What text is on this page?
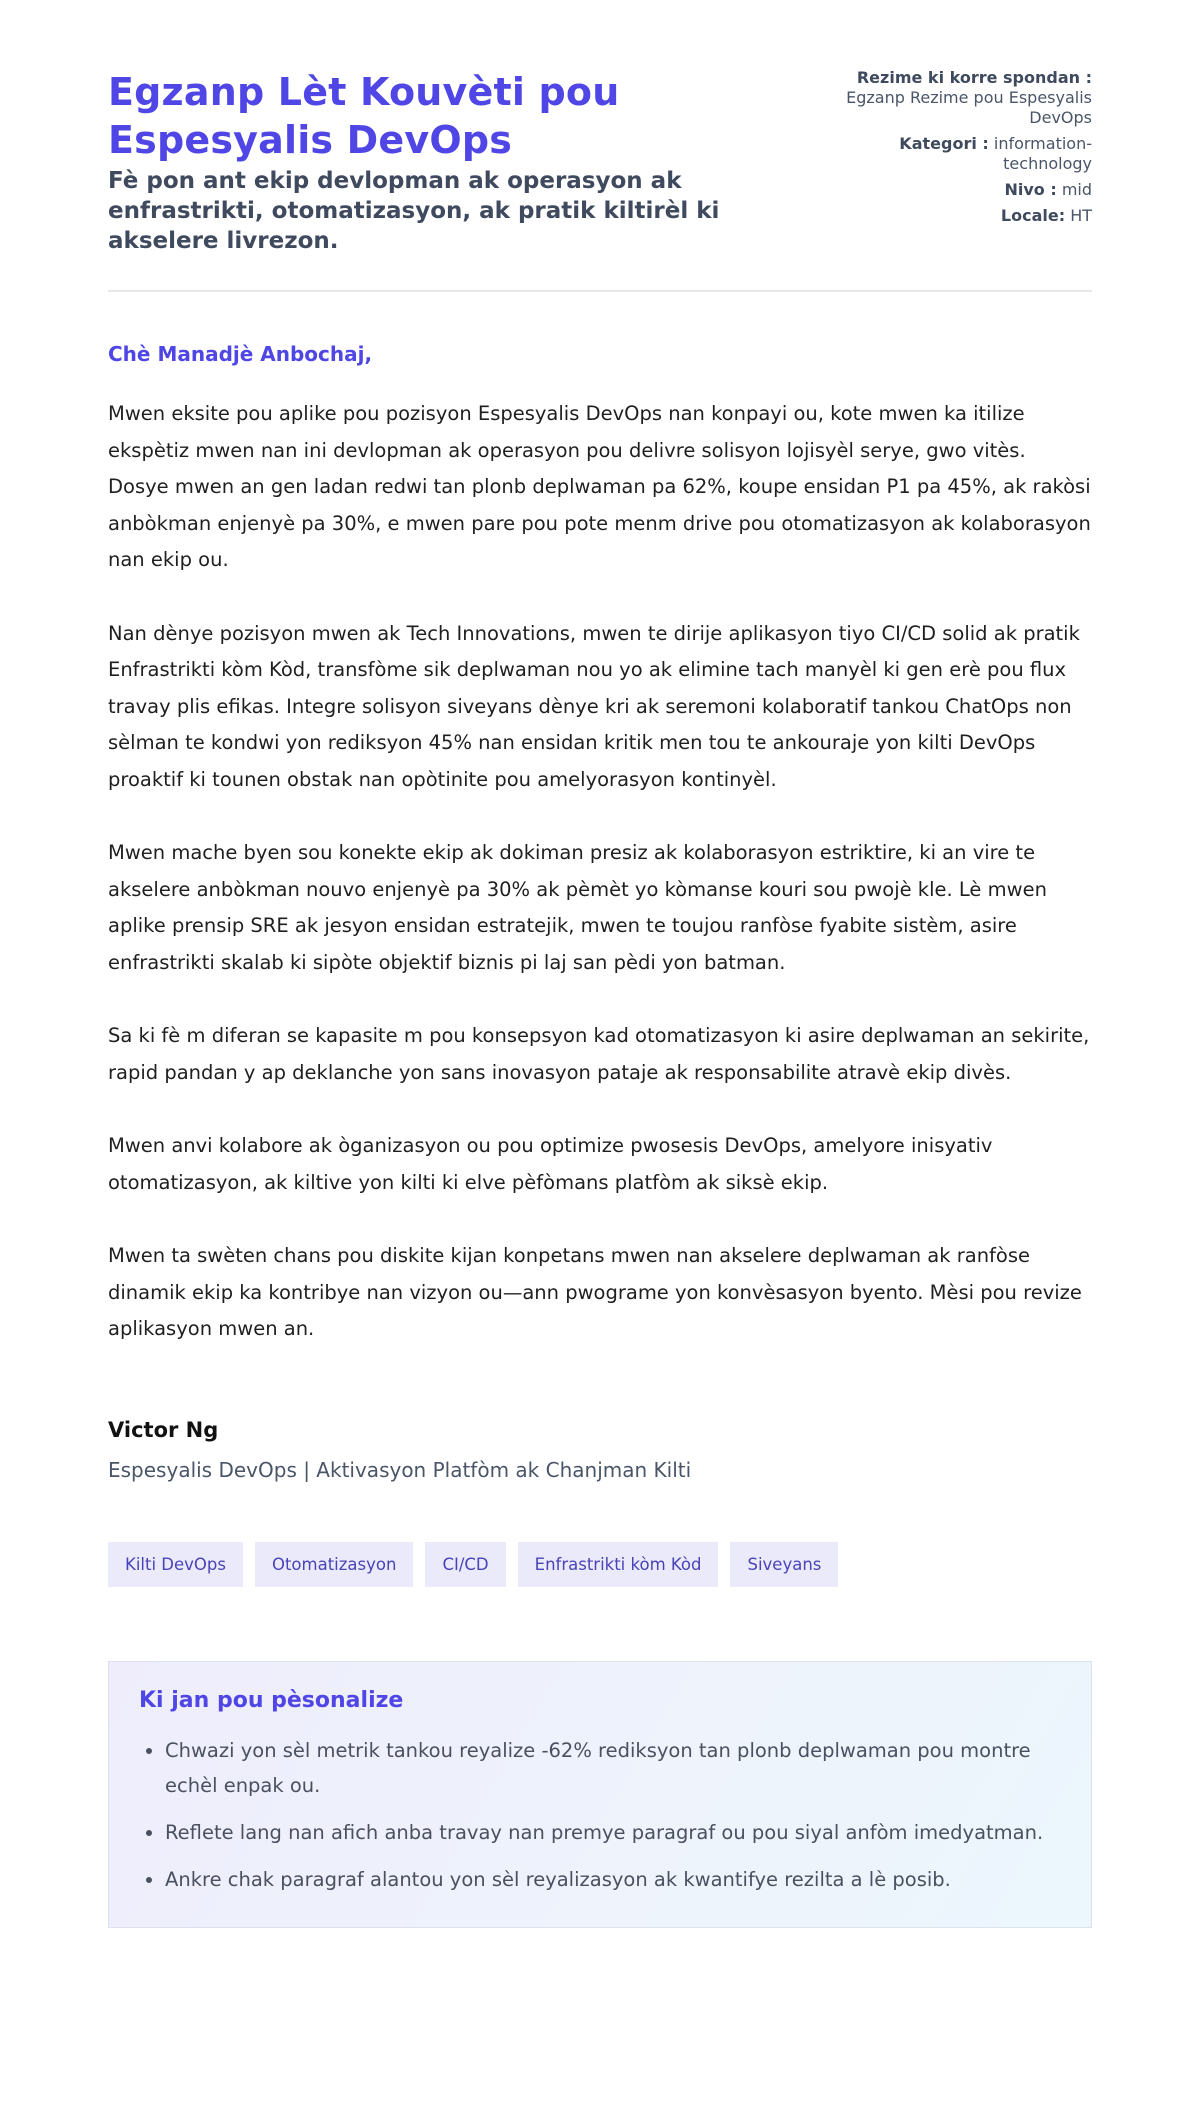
Egzanp Lèt Kouvèti pou Espesyalis DevOps
Fè pon ant ekip devlopman ak operasyon ak enfrastrikti, otomatizasyon, ak pratik kiltirèl ki akselere livrezon.
Rezime ki korre spondan :
Egzanp Rezime pou Espesyalis DevOps
Kategori : information-technology
Nivo : mid
Locale: HT
Chè Manadjè Anbochaj,

Mwen eksite pou aplike pou pozisyon Espesyalis DevOps nan konpayi ou, kote mwen ka itilize ekspètiz mwen nan ini devlopman ak operasyon pou delivre solisyon lojisyèl serye, gwo vitès. Dosye mwen an gen ladan redwi tan plonb deplwaman pa 62%, koupe ensidan P1 pa 45%, ak rakòsi anbòkman enjenyè pa 30%, e mwen pare pou pote menm drive pou otomatizasyon ak kolaborasyon nan ekip ou.

Nan dènye pozisyon mwen ak Tech Innovations, mwen te dirije aplikasyon tiyo CI/CD solid ak pratik Enfrastrikti kòm Kòd, transfòme sik deplwaman nou yo ak elimine tach manyèl ki gen erè pou flux travay plis efikas. Integre solisyon siveyans dènye kri ak seremoni kolaboratif tankou ChatOps non sèlman te kondwi yon rediksyon 45% nan ensidan kritik men tou te ankouraje yon kilti DevOps proaktif ki tounen obstak nan opòtinite pou amelyorasyon kontinyèl.

Mwen mache byen sou konekte ekip ak dokiman presiz ak kolaborasyon estriktire, ki an vire te akselere anbòkman nouvo enjenyè pa 30% ak pèmèt yo kòmanse kouri sou pwojè kle. Lè mwen aplike prensip SRE ak jesyon ensidan estratejik, mwen te toujou ranfòse fyabite sistèm, asire enfrastrikti skalab ki sipòte objektif biznis pi laj san pèdi yon batman.

Sa ki fè m diferan se kapasite m pou konsepsyon kad otomatizasyon ki asire deplwaman an sekirite, rapid pandan y ap deklanche yon sans inovasyon pataje ak responsabilite atravè ekip divès.

Mwen anvi kolabore ak òganizasyon ou pou optimize pwosesis DevOps, amelyore inisyativ otomatizasyon, ak kiltive yon kilti ki elve pèfòmans platfòm ak siksè ekip.

Mwen ta swèten chans pou diskite kijan konpetans mwen nan akselere deplwaman ak ranfòse dinamik ekip ka kontribye nan vizyon ou—ann pwograme yon konvèsasyon byento. Mèsi pou revize aplikasyon mwen an.

Victor Ng
Espesyalis DevOps | Aktivasyon Platfòm ak Chanjman Kilti
Kilti DevOps	Otomatizasyon	CI/CD	Enfrastrikti kòm Kòd	Siveyans
Ki jan pou pèsonalize
• Chwazi yon sèl metrik tankou reyalize -62% rediksyon tan plonb deplwaman pou montre echèl enpak ou.
• Reflete lang nan afich anba travay nan premye paragraf ou pou siyal anfòm imedyatman.
• Ankre chak paragraf alantou yon sèl reyalizasyon ak kwantifye rezilta a lè posib.
